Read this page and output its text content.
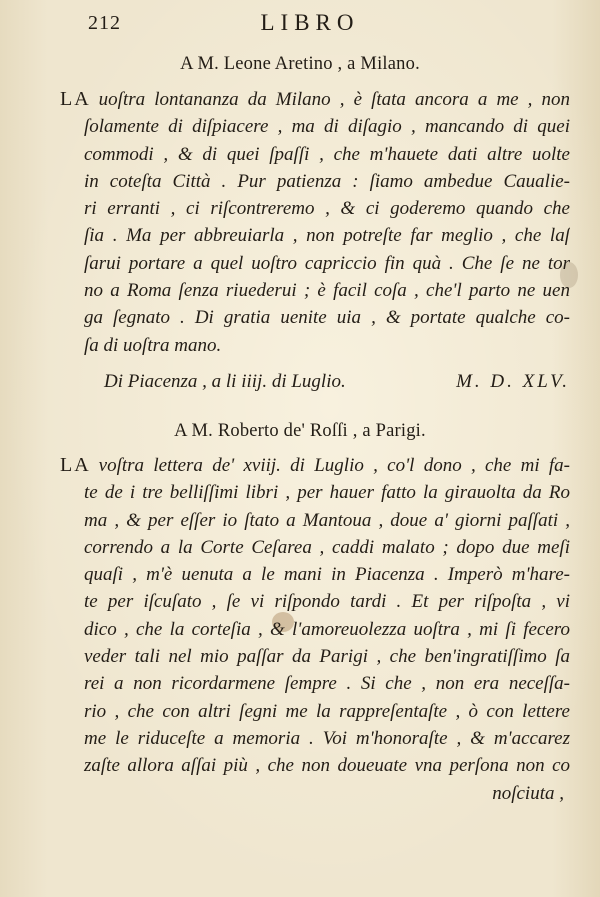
212	LIBRO
A M. Leone Aretino , a Milano.
LA uoſtra lontananza da Milano , è ſtata ancora a me , non
ſolamente di diſpiacere , ma di diſagio , mancando di quei
commodi , & di quei ſpaſſi , che m'hauete dati altre uolte
in coteſta Città . Pur patienza : ſiamo ambedue Caualie-
ri erranti , ci riſcontreremo , & ci goderemo quando che
ſia . Ma per abbreuiarla , non potreſte far meglio , che laſ
ſarui portare a quel uoſtro capriccio fin quà . Che ſe ne tor
no a Roma ſenza riuederui ; è facil coſa , che'l parto ne uen
ga ſegnato . Di gratia uenite uia , & portate qualche co-
ſa di uoſtra mano.
Di Piacenza , a li iiij. di Luglio.	M. D. XLV.
A M. Roberto de' Roſſi , a Parigi.
LA voſtra lettera de' xviij. di Luglio , co'l dono , che mi fa-
te de i tre belliſſimi libri , per hauer fatto la girauolta da Ro
ma , & per eſſer io ſtato a Mantoua , doue a' giorni paſſati ,
correndo a la Corte Ceſarea , caddi malato ; dopo due meſi
quaſi , m'è uenuta a le mani in Piacenza . Imperò m'hare-
te per iſcuſato , ſe vi riſpondo tardi . Et per riſpoſta , vi
dico , che la corteſia , & l'amoreuolezza uoſtra , mi ſi fecero
veder tali nel mio paſſar da Parigi , che ben'ingratiſſimo ſa
rei a non ricordarmene ſempre . Si che , non era neceſſa-
rio , che con altri ſegni me la rappreſentaſte , ò con lettere
me le riduceſte a memoria . Voi m'honoraſte , & m'accarez
zaſte allora aſſai più , che non doueuate vna perſona non co
noſciuta ,
